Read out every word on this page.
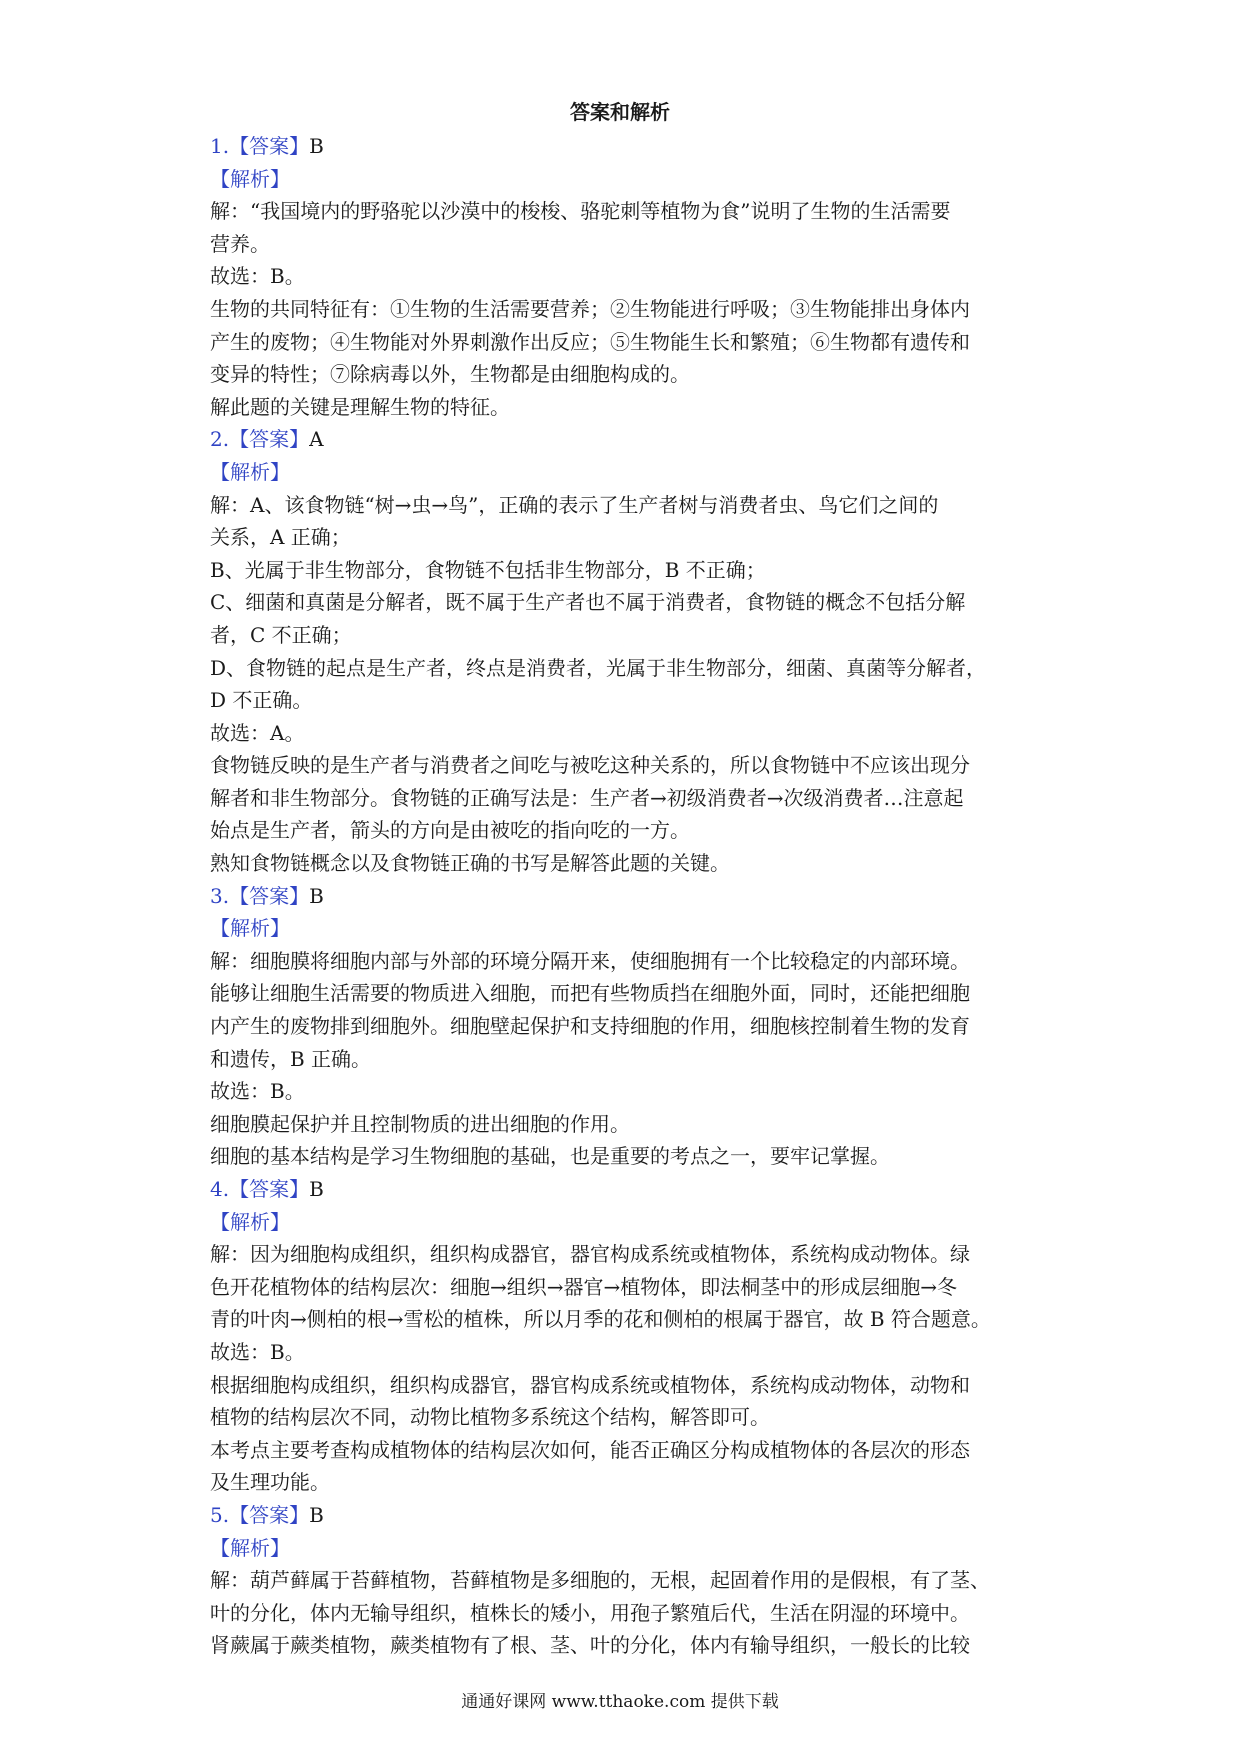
答案和解析
1.【答案】B
【解析】
解：“我国境内的野骆驼以沙漠中的梭梭、骆驼刺等植物为食”说明了生物的生活需要
营养。
故选：B。
生物的共同特征有：①生物的生活需要营养；②生物能进行呼吸；③生物能排出身体内
产生的废物；④生物能对外界刺激作出反应；⑤生物能生长和繁殖；⑥生物都有遗传和
变异的特性；⑦除病毒以外，生物都是由细胞构成的。
解此题的关键是理解生物的特征。
2.【答案】A
【解析】
解：A、该食物链“树→虫→鸟”，正确的表示了生产者树与消费者虫、鸟它们之间的
关系，A 正确；
B、光属于非生物部分，食物链不包括非生物部分，B 不正确；
C、细菌和真菌是分解者，既不属于生产者也不属于消费者，食物链的概念不包括分解
者，C 不正确；
D、食物链的起点是生产者，终点是消费者，光属于非生物部分，细菌、真菌等分解者，
D 不正确。
故选：A。
食物链反映的是生产者与消费者之间吃与被吃这种关系的，所以食物链中不应该出现分
解者和非生物部分。食物链的正确写法是：生产者→初级消费者→次级消费者…注意起
始点是生产者，箭头的方向是由被吃的指向吃的一方。
熟知食物链概念以及食物链正确的书写是解答此题的关键。
3.【答案】B
【解析】
解：细胞膜将细胞内部与外部的环境分隔开来，使细胞拥有一个比较稳定的内部环境。
能够让细胞生活需要的物质进入细胞，而把有些物质挡在细胞外面，同时，还能把细胞
内产生的废物排到细胞外。细胞壁起保护和支持细胞的作用，细胞核控制着生物的发育
和遗传，B 正确。
故选：B。
细胞膜起保护并且控制物质的进出细胞的作用。
细胞的基本结构是学习生物细胞的基础，也是重要的考点之一，要牢记掌握。
4.【答案】B
【解析】
解：因为细胞构成组织，组织构成器官，器官构成系统或植物体，系统构成动物体。绿
色开花植物体的结构层次：细胞→组织→器官→植物体，即法桐茎中的形成层细胞→冬
青的叶肉→侧柏的根→雪松的植株，所以月季的花和侧柏的根属于器官，故 B 符合题意。
故选：B。
根据细胞构成组织，组织构成器官，器官构成系统或植物体，系统构成动物体，动物和
植物的结构层次不同，动物比植物多系统这个结构，解答即可。
本考点主要考查构成植物体的结构层次如何，能否正确区分构成植物体的各层次的形态
及生理功能。
5.【答案】B
【解析】
解：葫芦藓属于苔藓植物，苔藓植物是多细胞的，无根，起固着作用的是假根，有了茎、
叶的分化，体内无输导组织，植株长的矮小，用孢子繁殖后代，生活在阴湿的环境中。
肾蕨属于蕨类植物，蕨类植物有了根、茎、叶的分化，体内有输导组织，一般长的比较
通通好课网 www.tthaoke.com 提供下载
